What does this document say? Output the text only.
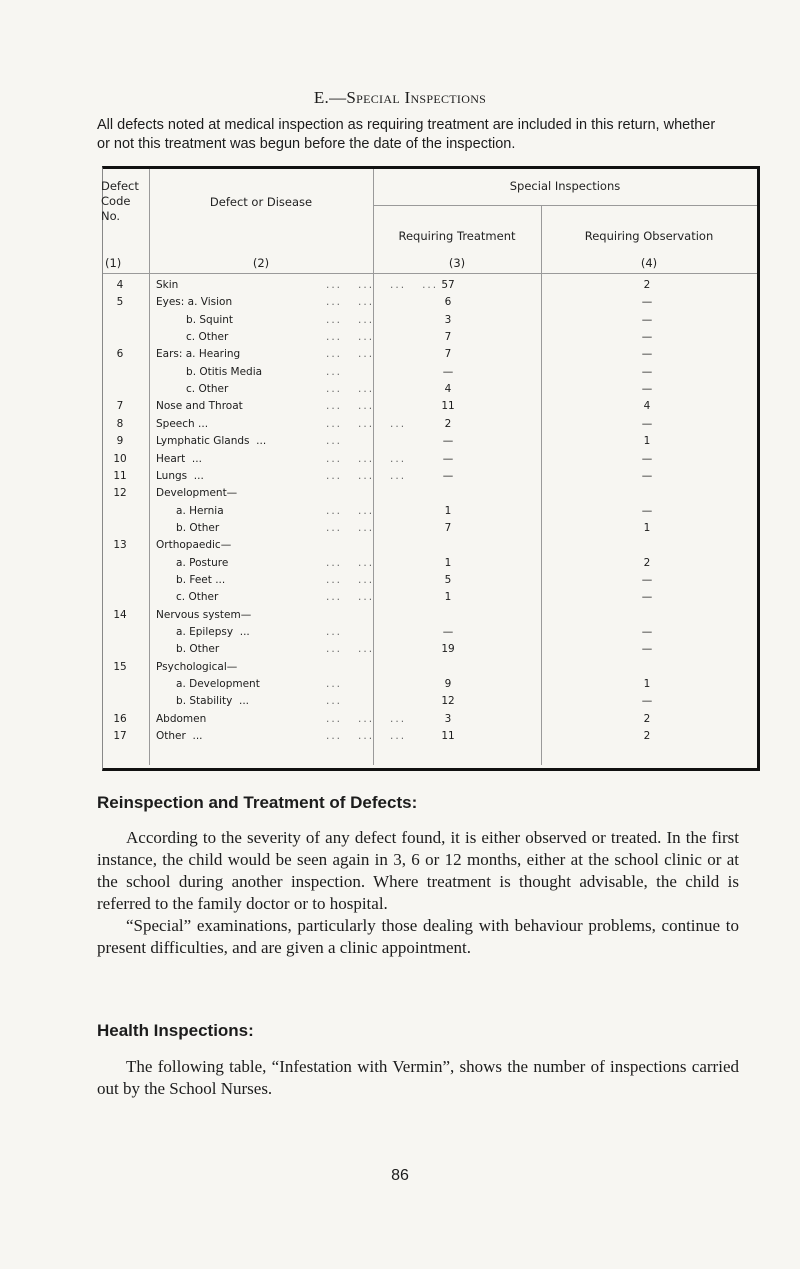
E.—Special Inspections
All defects noted at medical inspection as requiring treatment are included in this return, whether or not this treatment was begun before the date of the inspection.
Defect Code No.
(1)
Defect or Disease
(2)
Special Inspections
Requiring Treatment
(3)
Requiring Observation
(4)
4	Skin	...   ...   ...   ... 57	2
5	Eyes: a. Vision	...   ...	6	—
b. Squint	...   ...	3	—
c. Other	...   ...	7	—
6	Ears: a. Hearing	...   ...	7	—
b. Otitis Media	...	—	—
c. Other	...   ...	4	—
7	Nose and Throat	...   ...	11	4
8	Speech ...	...   ...   ...	2	—
9	Lymphatic Glands  ...	...	—	1
10	Heart  ...	...   ...   ...	—	—
11	Lungs  ...	...   ...   ...	—	—
12	Development—
a. Hernia	...   ...	1	—
b. Other	...   ...	7	1
13	Orthopaedic—
a. Posture	...   ...	1	2
b. Feet ...	...   ...	5	—
c. Other	...   ...	1	—
14	Nervous system—
a. Epilepsy  ...	...	—	—
b. Other	...   ...	19	—
15	Psychological—
a. Development	...	9	1
b. Stability  ...	...	12	—
16	Abdomen	...   ...   ...	3	2
17	Other  ...	...   ...   ...	11	2
Reinspection and Treatment of Defects:
According to the severity of any defect found, it is either observed or treated. In the first instance, the child would be seen again in 3, 6 or 12 months, either at the school clinic or at the school during another inspection. Where treatment is thought advisable, the child is referred to the family doctor or to hospital.
“Special” examinations, particularly those dealing with behaviour problems, continue to present difficulties, and are given a clinic appointment.
Health Inspections:
The following table, “Infestation with Vermin”, shows the number of inspections carried out by the School Nurses.
86
